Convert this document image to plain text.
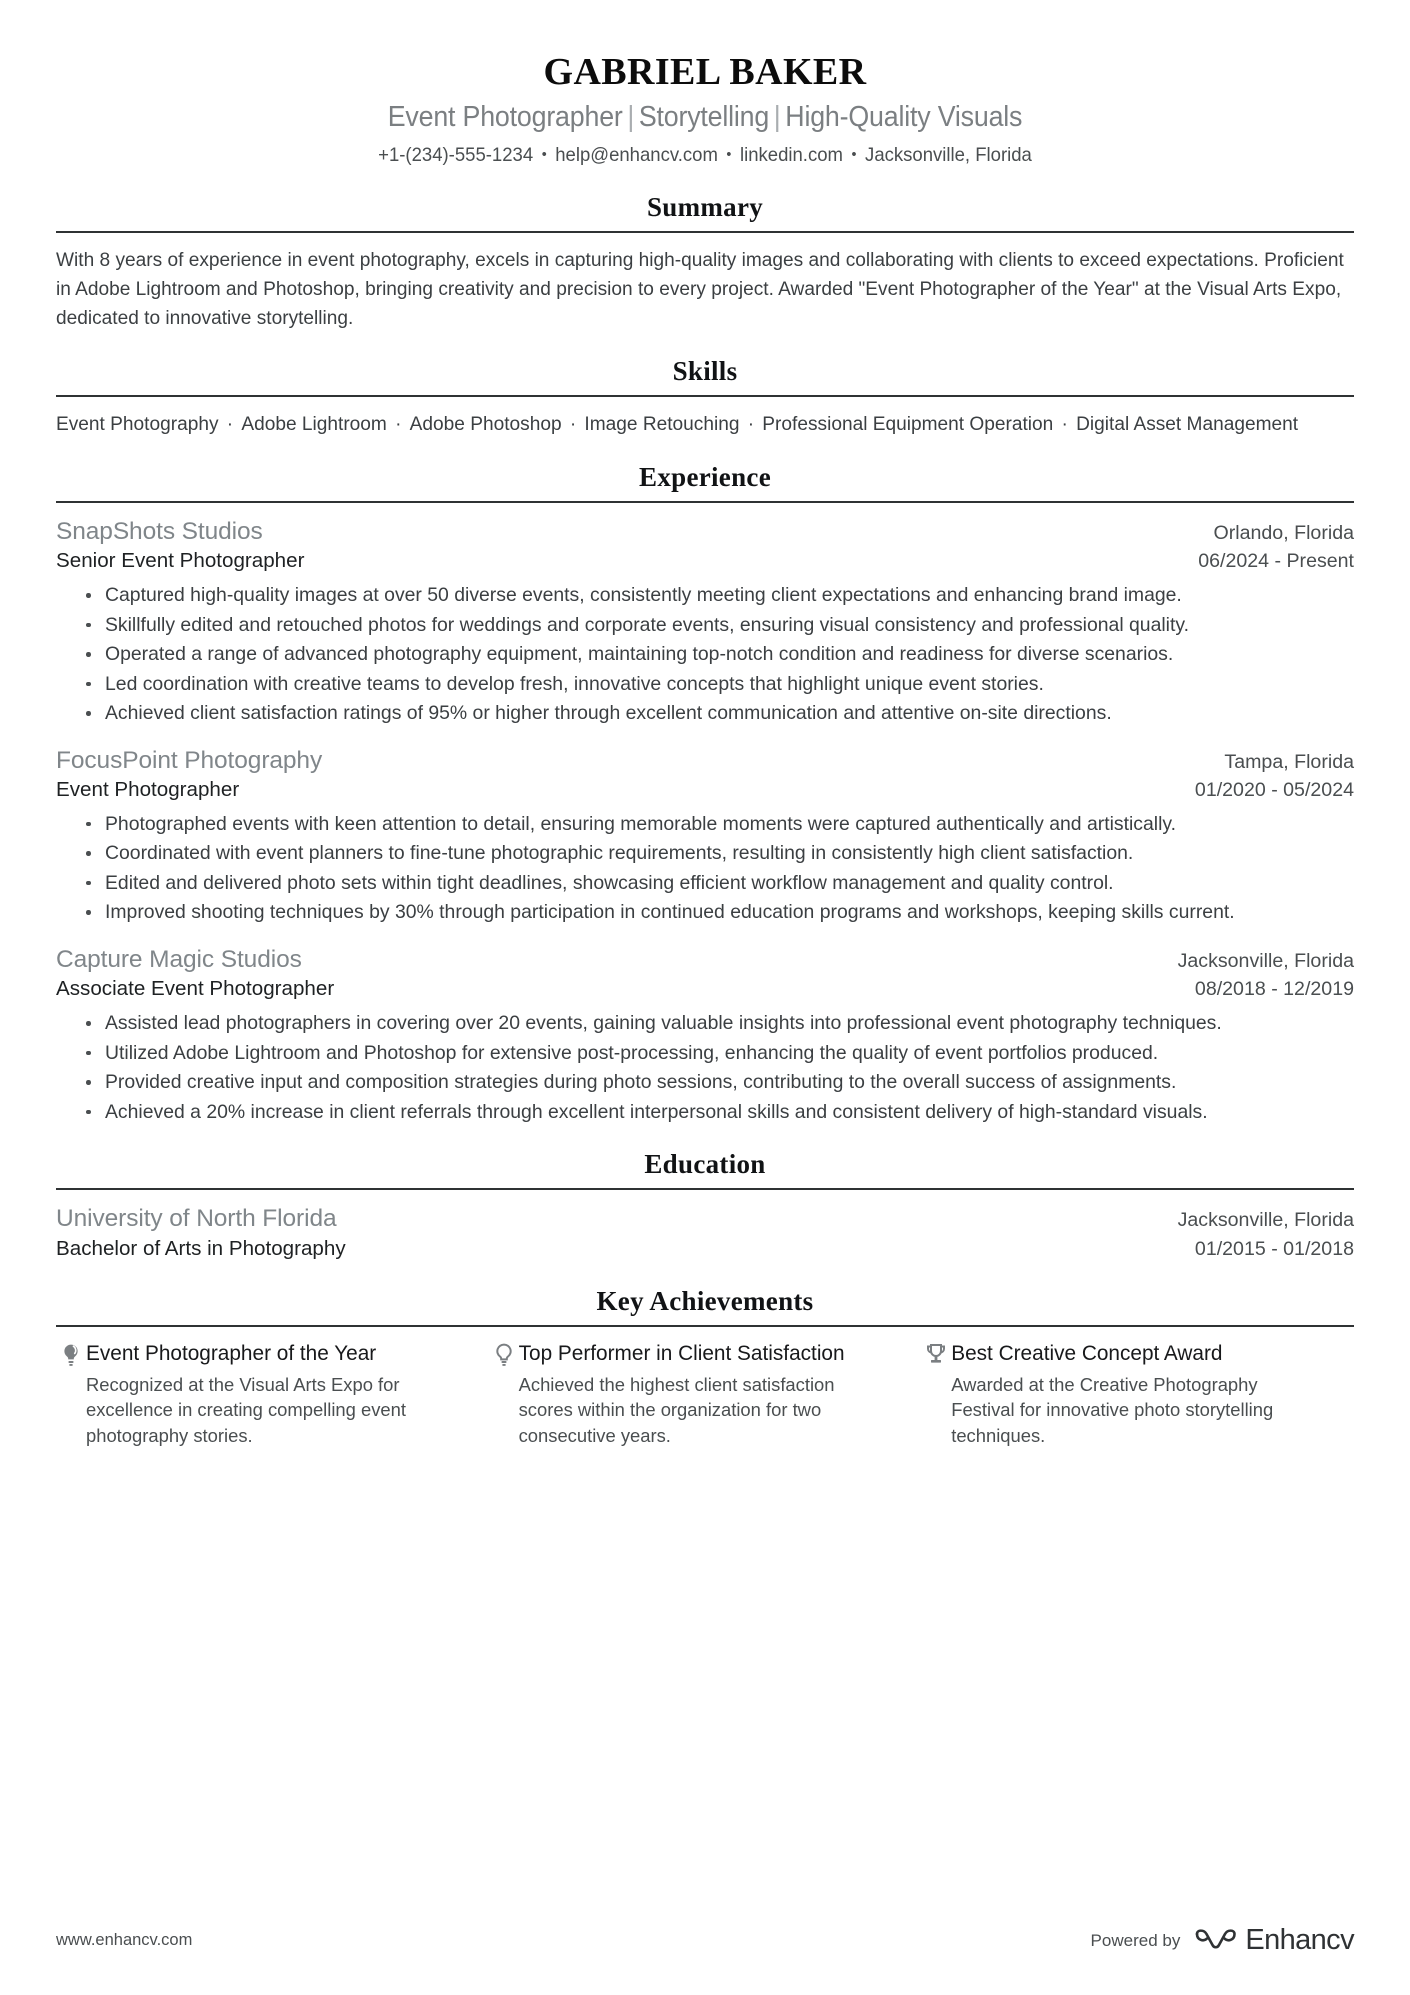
GABRIEL BAKER
Event Photographer | Storytelling | High-Quality Visuals
+1-(234)-555-1234 • help@enhancv.com • linkedin.com • Jacksonville, Florida
Summary
With 8 years of experience in event photography, excels in capturing high-quality images and collaborating with clients to exceed expectations. Proficient in Adobe Lightroom and Photoshop, bringing creativity and precision to every project. Awarded "Event Photographer of the Year" at the Visual Arts Expo, dedicated to innovative storytelling.
Skills
Event Photography · Adobe Lightroom · Adobe Photoshop · Image Retouching · Professional Equipment Operation · Digital Asset Management
Experience
SnapShots Studios	Orlando, Florida
Senior Event Photographer	06/2024 - Present
Captured high-quality images at over 50 diverse events, consistently meeting client expectations and enhancing brand image.
Skillfully edited and retouched photos for weddings and corporate events, ensuring visual consistency and professional quality.
Operated a range of advanced photography equipment, maintaining top-notch condition and readiness for diverse scenarios.
Led coordination with creative teams to develop fresh, innovative concepts that highlight unique event stories.
Achieved client satisfaction ratings of 95% or higher through excellent communication and attentive on-site directions.
FocusPoint Photography	Tampa, Florida
Event Photographer	01/2020 - 05/2024
Photographed events with keen attention to detail, ensuring memorable moments were captured authentically and artistically.
Coordinated with event planners to fine-tune photographic requirements, resulting in consistently high client satisfaction.
Edited and delivered photo sets within tight deadlines, showcasing efficient workflow management and quality control.
Improved shooting techniques by 30% through participation in continued education programs and workshops, keeping skills current.
Capture Magic Studios	Jacksonville, Florida
Associate Event Photographer	08/2018 - 12/2019
Assisted lead photographers in covering over 20 events, gaining valuable insights into professional event photography techniques.
Utilized Adobe Lightroom and Photoshop for extensive post-processing, enhancing the quality of event portfolios produced.
Provided creative input and composition strategies during photo sessions, contributing to the overall success of assignments.
Achieved a 20% increase in client referrals through excellent interpersonal skills and consistent delivery of high-standard visuals.
Education
University of North Florida	Jacksonville, Florida
Bachelor of Arts in Photography	01/2015 - 01/2018
Key Achievements
Event Photographer of the Year
Recognized at the Visual Arts Expo for excellence in creating compelling event photography stories.
Top Performer in Client Satisfaction
Achieved the highest client satisfaction scores within the organization for two consecutive years.
Best Creative Concept Award
Awarded at the Creative Photography Festival for innovative photo storytelling techniques.
www.enhancv.com	Powered by Enhancv
